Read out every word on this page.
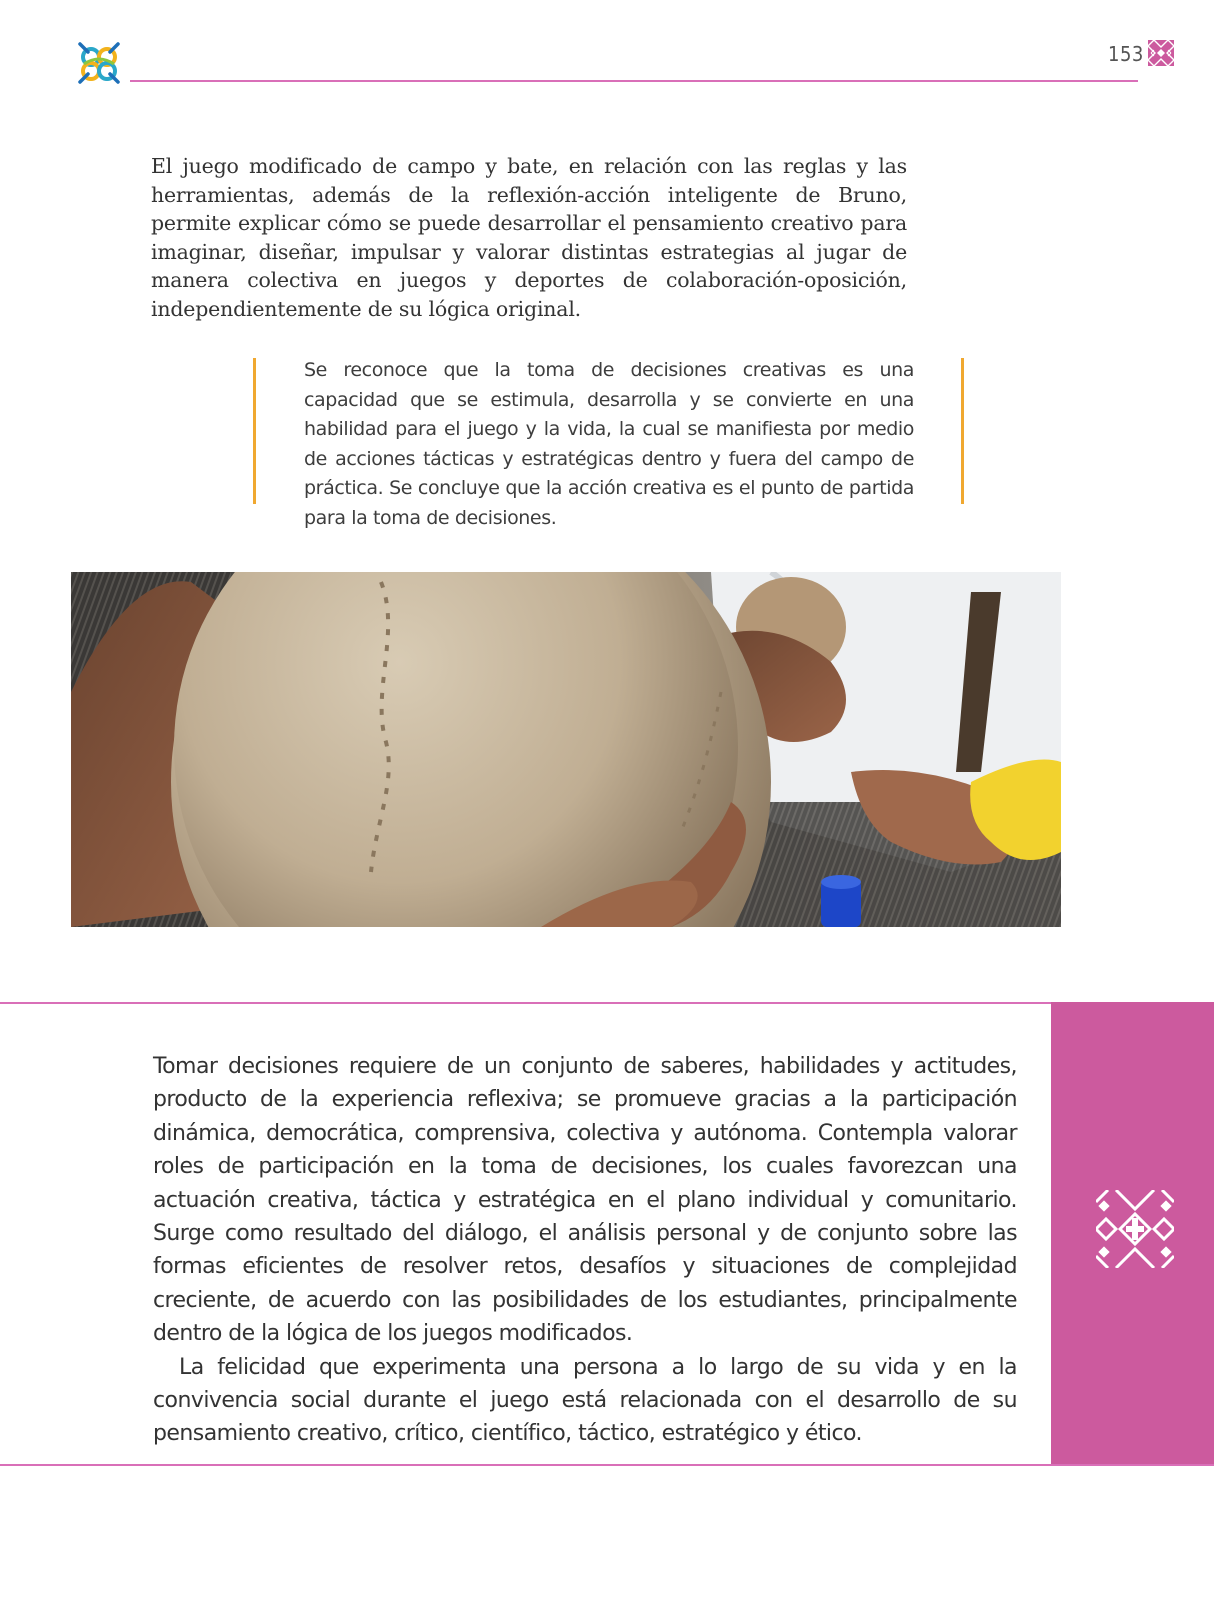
153

El juego modificado de campo y bate, en relación con las reglas y las herramientas, además de la reflexión-acción inteligente de Bruno, permite explicar cómo se puede desarrollar el pensamiento creativo para imaginar, diseñar, impulsar y valorar distintas estrategias al jugar de manera colectiva en juegos y deportes de colaboración-oposición, independientemente de su lógica original.

Se reconoce que la toma de decisiones creativas es una capacidad que se estimula, desarrolla y se convierte en una habilidad para el juego y la vida, la cual se manifiesta por medio de acciones tácticas y estratégicas dentro y fuera del campo de práctica. Se concluye que la acción creativa es el punto de partida para la toma de decisiones.

Tomar decisiones requiere de un conjunto de saberes, habilidades y actitudes, producto de la experiencia reflexiva; se promueve gracias a la participación dinámica, democrática, comprensiva, colectiva y autónoma. Contempla valorar roles de participación en la toma de decisiones, los cuales favorezcan una actuación creativa, táctica y estratégica en el plano individual y comunitario. Surge como resultado del diálogo, el análisis personal y de conjunto sobre las formas eficientes de resolver retos, desafíos y situaciones de complejidad creciente, de acuerdo con las posibilidades de los estudiantes, principalmente dentro de la lógica de los juegos modificados.

La felicidad que experimenta una persona a lo largo de su vida y en la convivencia social durante el juego está relacionada con el desarrollo de su pensamiento creativo, crítico, científico, táctico, estratégico y ético.
